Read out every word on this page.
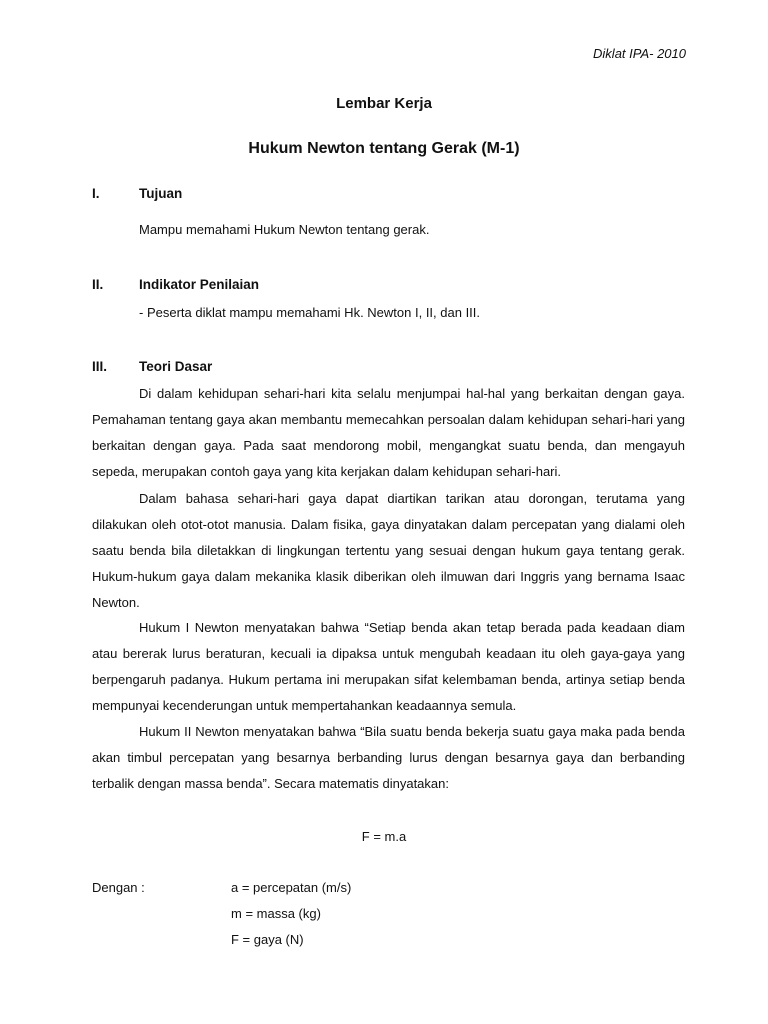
Diklat IPA- 2010
Lembar Kerja
Hukum Newton tentang Gerak (M-1)
I.	Tujuan
Mampu memahami Hukum Newton tentang gerak.
II.	Indikator Penilaian
- Peserta diklat mampu memahami Hk. Newton I, II, dan III.
III. Teori Dasar

Di dalam kehidupan sehari-hari kita selalu menjumpai hal-hal yang berkaitan dengan gaya. Pemahaman tentang gaya akan membantu memecahkan persoalan dalam kehidupan sehari-hari yang berkaitan dengan gaya. Pada saat mendorong mobil, mengangkat suatu benda, dan mengayuh sepeda, merupakan contoh gaya yang kita kerjakan dalam kehidupan sehari-hari.

Dalam bahasa sehari-hari gaya dapat diartikan tarikan atau dorongan, terutama yang dilakukan oleh otot-otot manusia. Dalam fisika, gaya dinyatakan dalam percepatan yang dialami oleh saatu benda bila diletakkan di lingkungan tertentu yang sesuai dengan hukum gaya tentang gerak. Hukum-hukum gaya dalam mekanika klasik diberikan oleh ilmuwan dari Inggris yang bernama Isaac Newton.

Hukum I Newton menyatakan bahwa “Setiap benda akan tetap berada pada keadaan diam atau bererak lurus beraturan, kecuali ia dipaksa untuk mengubah keadaan itu oleh gaya-gaya yang berpengaruh padanya. Hukum pertama ini merupakan sifat kelembaman benda, artinya setiap benda mempunyai kecenderungan untuk mempertahankan keadaannya semula.

Hukum II Newton menyatakan bahwa “Bila suatu benda bekerja suatu gaya maka pada benda akan timbul percepatan yang besarnya berbanding lurus dengan besarnya gaya dan berbanding terbalik dengan massa benda”. Secara matematis dinyatakan:

F = m.a
Dengan :	a = percepatan (m/s)
m = massa (kg)
F = gaya (N)
